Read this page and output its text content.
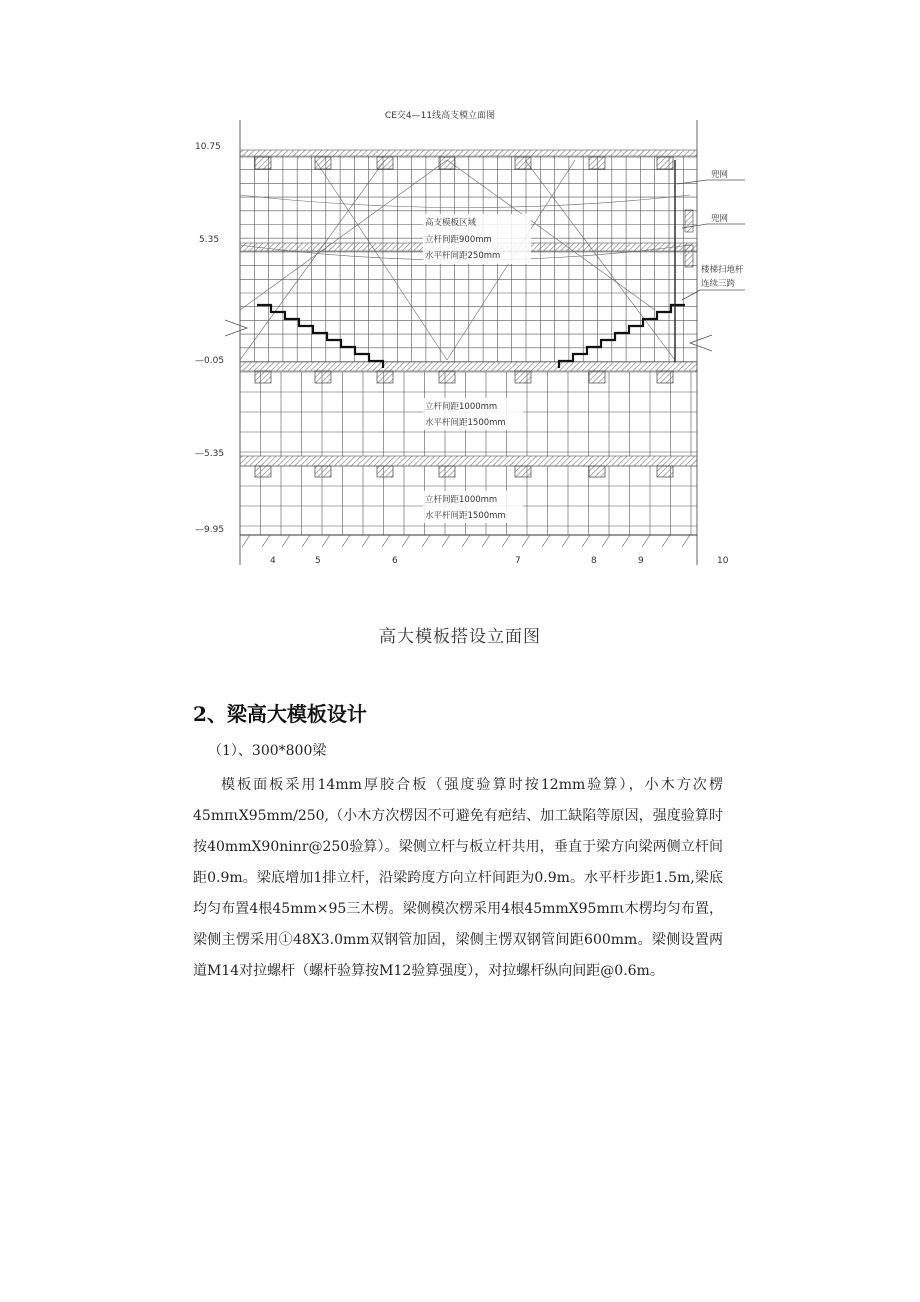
CE交4—11线高支模立面图
10.75
5.35
—0.05
—5.35
—9.95
4	5	6	7	8	9	10
高支模板区域
立杆间距900mm
水平杆间距250mm
立杆间距1000mm
水平杆间距1500mm
立杆间距1000mm
水平杆间距1500mm
兜网
兜网
楼梯扫地杆
连续三跨
高大模板搭设立面图
2、梁高大模板设计
（1）、300*800梁

模板面板采用14mm厚胶合板（强度验算时按12mm验算），小木方次楞45mπιX95mm/250,（小木方次楞因不可避免有疤结、加工缺陷等原因，强度验算时按40mmX90ninr@250验算）。梁侧立杆与板立杆共用，垂直于梁方向梁两侧立杆间距0.9m。梁底增加1排立杆，沿梁跨度方向立杆间距为0.9m。水平杆步距1.5m,梁底均匀布置4根45mm×95三木楞。梁侧模次楞采用4根45mmX95mπι木楞均匀布置，梁侧主愣采用①48X3.0mm双钢管加固，梁侧主愣双钢管间距600mm。梁侧设置两道M14对拉螺杆（螺杆验算按M12验算强度），对拉螺杆纵向间距@0.6m。
